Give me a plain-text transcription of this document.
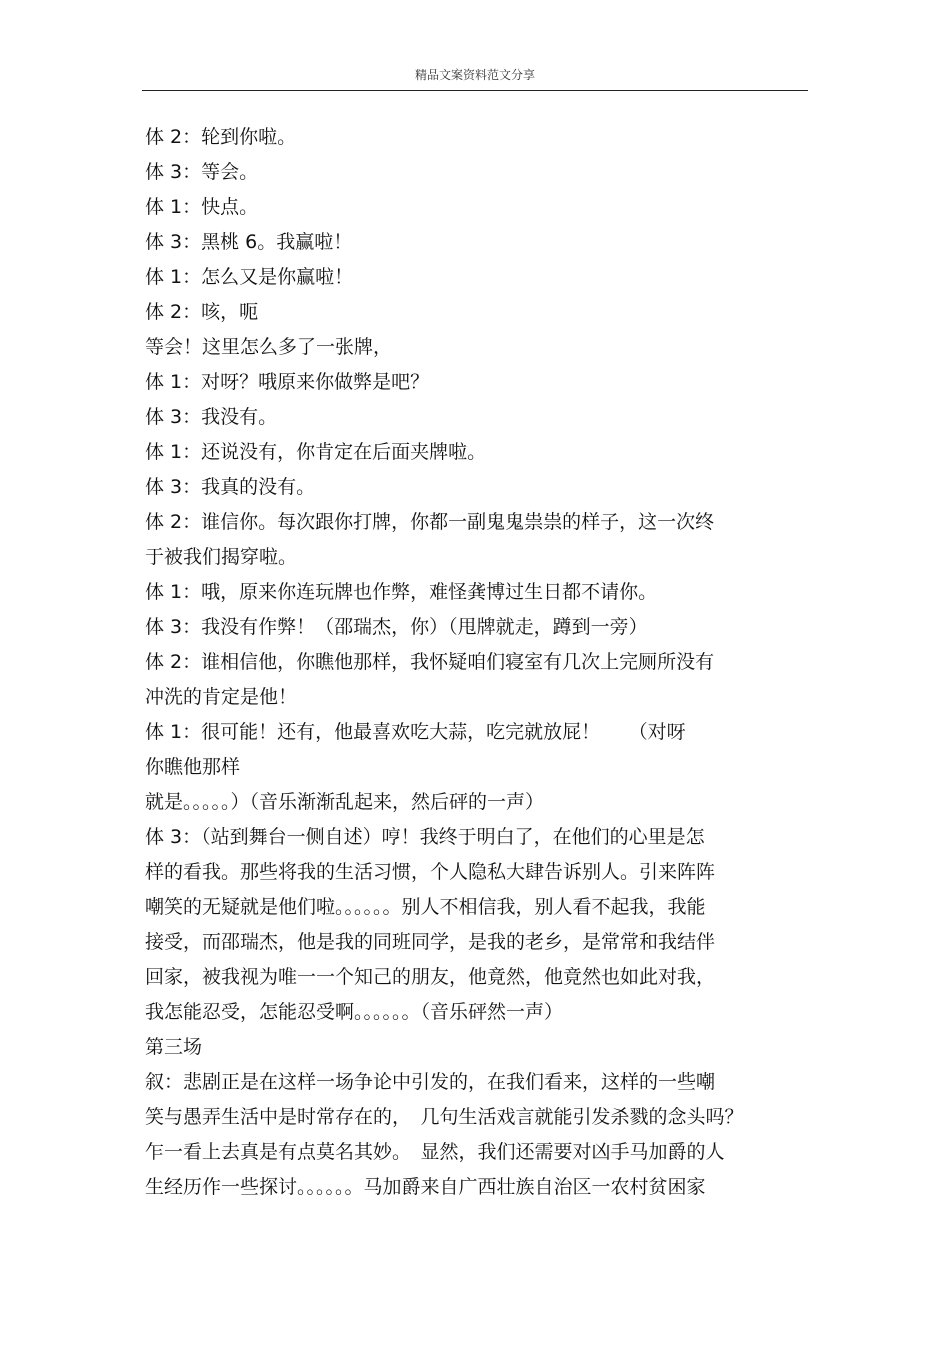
精品文案资料范文分享
体 2：轮到你啦。
体 3：等会。
体 1：快点。
体 3：黑桃 6。我赢啦！
体 1：怎么又是你赢啦！
体 2：咳，呃
等会！这里怎么多了一张牌，
体 1：对呀？哦原来你做弊是吧？
体 3：我没有。
体 1：还说没有，你肯定在后面夹牌啦。
体 3：我真的没有。
体 2：谁信你。每次跟你打牌，你都一副鬼鬼祟祟的样子，这一次终
于被我们揭穿啦。
体 1：哦，原来你连玩牌也作弊，难怪龚博过生日都不请你。
体 3：我没有作弊！（邵瑞杰，你）（甩牌就走，蹲到一旁）
体 2：谁相信他，你瞧他那样，我怀疑咱们寝室有几次上完厕所没有
冲洗的肯定是他！
体 1：很可能！还有，他最喜欢吃大蒜，吃完就放屁！　　（对呀
你瞧他那样
就是。。。。。）（音乐渐渐乱起来，然后砰的一声）
体 3：（站到舞台一侧自述）哼！我终于明白了，在他们的心里是怎
样的看我。那些将我的生活习惯，个人隐私大肆告诉别人。引来阵阵
嘲笑的无疑就是他们啦。。。。。。别人不相信我，别人看不起我，我能
接受，而邵瑞杰，他是我的同班同学，是我的老乡，是常常和我结伴
回家，被我视为唯一一个知己的朋友，他竟然，他竟然也如此对我，
我怎能忍受，怎能忍受啊。。。。。。（音乐砰然一声）
第三场
叙：悲剧正是在这样一场争论中引发的，在我们看来，这样的一些嘲
笑与愚弄生活中是时常存在的，　几句生活戏言就能引发杀戮的念头吗？
乍一看上去真是有点莫名其妙。　显然，我们还需要对凶手马加爵的人
生经历作一些探讨。。。。。。马加爵来自广西壮族自治区一农村贫困家
